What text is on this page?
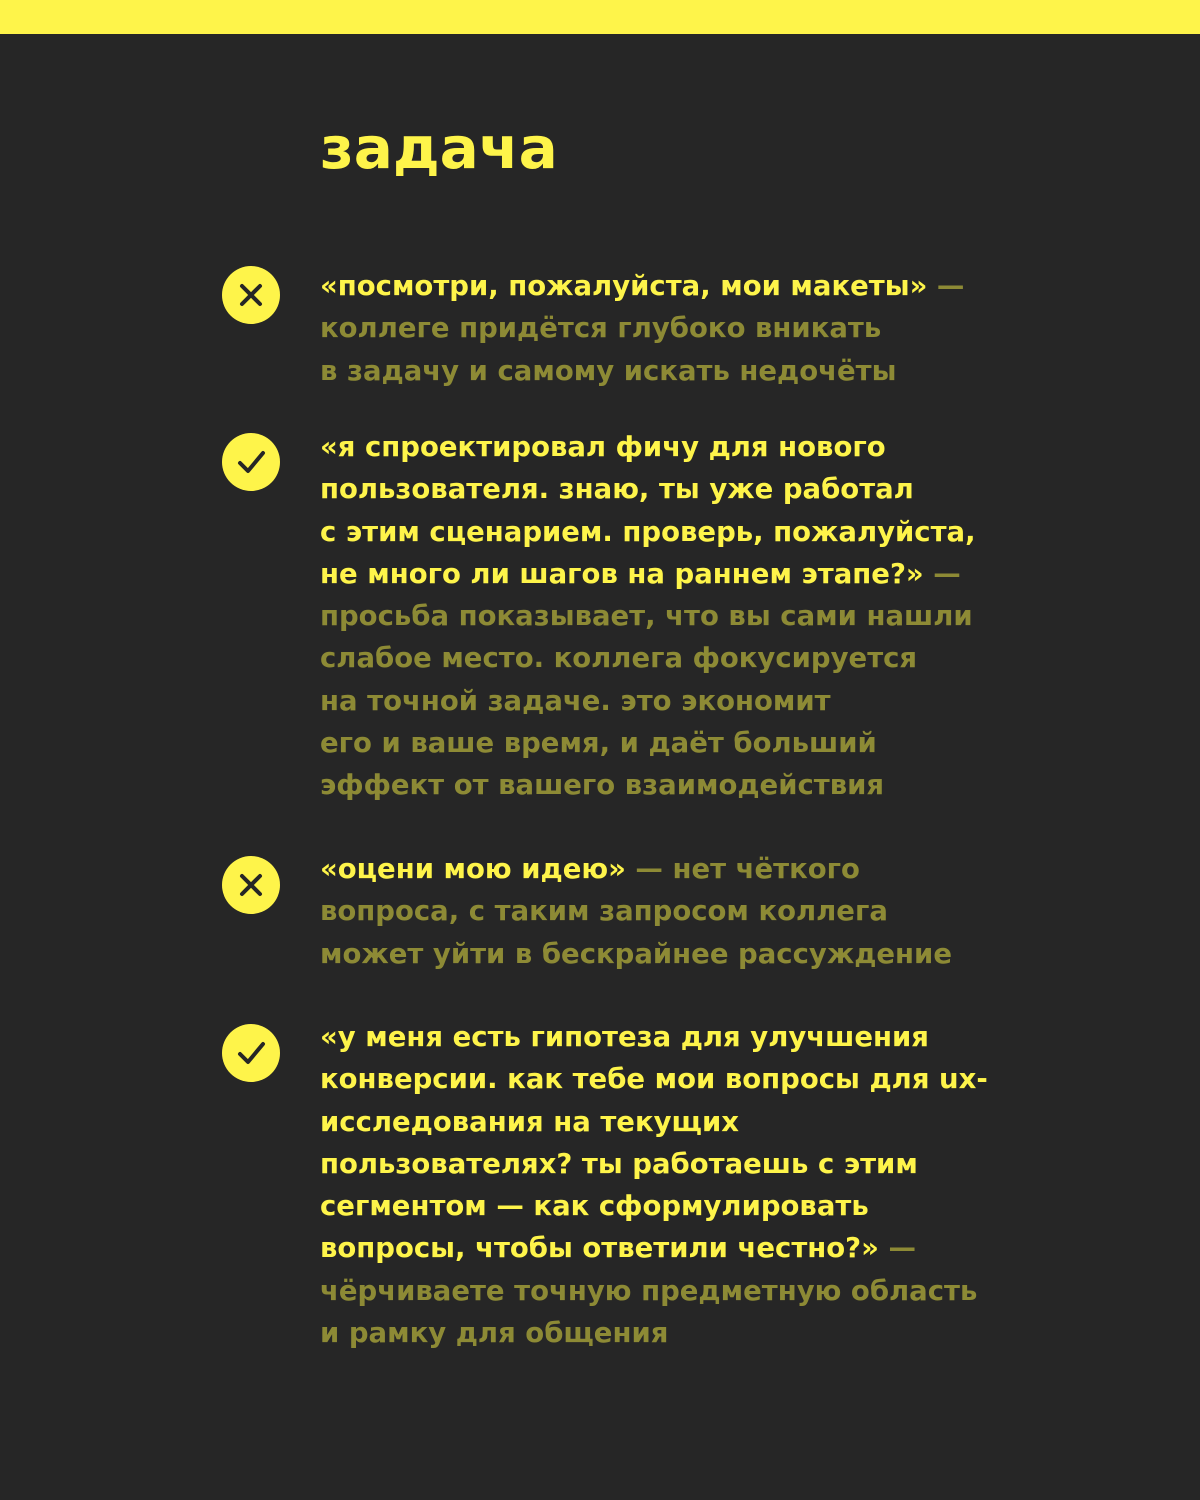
задача

«посмотри, пожалуйста, мои макеты» —
коллеге придётся глубоко вникать
в задачу и самому искать недочёты

«я спроектировал фичу для нового
пользователя. знаю, ты уже работал
с этим сценарием. проверь, пожалуйста,
не много ли шагов на раннем этапе?» —
просьба показывает, что вы сами нашли
слабое место. коллега фокусируется
на точной задаче. это экономит
его и ваше время, и даёт больший
эффект от вашего взаимодействия

«оцени мою идею» — нет чёткого
вопроса, с таким запросом коллега
может уйти в бескрайнее рассуждение

«у меня есть гипотеза для улучшения
конверсии. как тебе мои вопросы для ux-
исследования на текущих
пользователях? ты работаешь с этим
сегментом — как сформулировать
вопросы, чтобы ответили честно?» —
чёрчиваете точную предметную область
и рамку для общения
